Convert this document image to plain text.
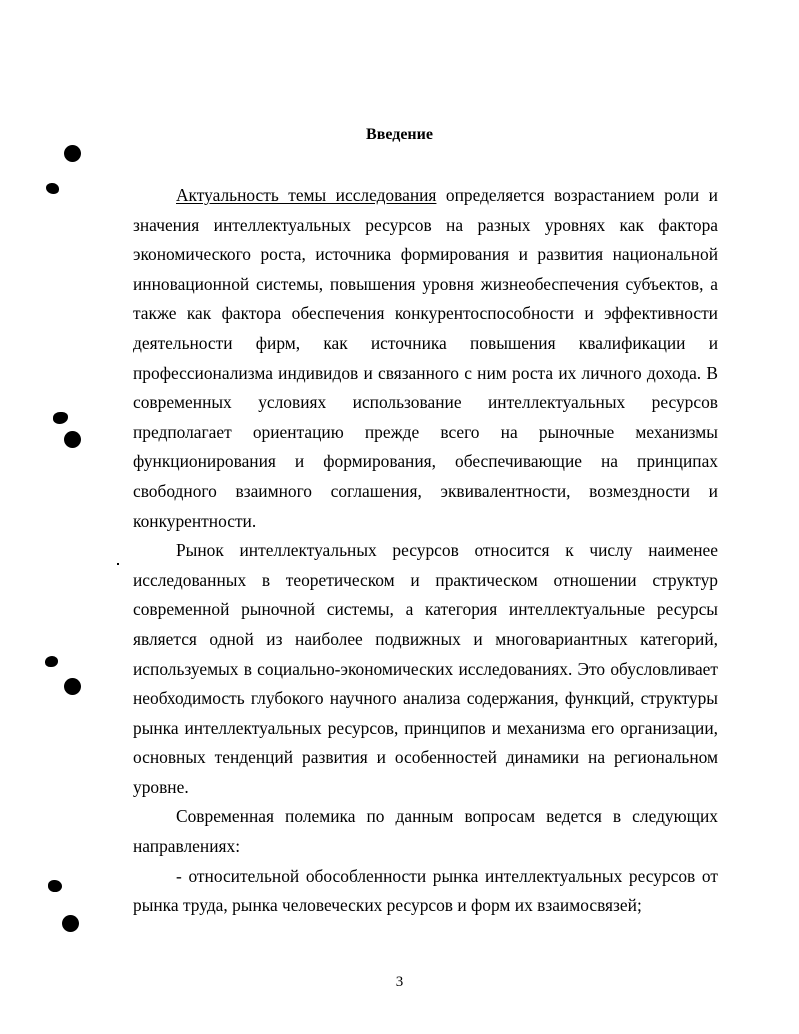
Введение

Актуальность темы исследования определяется возрастанием роли и значения интеллектуальных ресурсов на разных уровнях как фактора экономического роста, источника формирования и развития национальной инновационной системы, повышения уровня жизнеобеспечения субъектов, а также как фактора обеспечения конкурентоспособности и эффективности деятельности фирм, как источника повышения квалификации и профессионализма индивидов и связанного с ним роста их личного дохода. В современных условиях использование интеллектуальных ресурсов предполагает ориентацию прежде всего на рыночные механизмы функционирования и формирования, обеспечивающие на принципах свободного взаимного соглашения, эквивалентности, возмездности и конкурентности.

Рынок интеллектуальных ресурсов относится к числу наименее исследованных в теоретическом и практическом отношении структур современной рыночной системы, а категория интеллектуальные ресурсы является одной из наиболее подвижных и многовариантных категорий, используемых в социально-экономических исследованиях. Это обусловливает необходимость глубокого научного анализа содержания, функций, структуры рынка интеллектуальных ресурсов, принципов и механизма его организации, основных тенденций развития и особенностей динамики на региональном уровне.

Современная полемика по данным вопросам ведется в следующих направлениях:

- относительной обособленности рынка интеллектуальных ресурсов от рынка труда, рынка человеческих ресурсов и форм их взаимосвязей;

3
